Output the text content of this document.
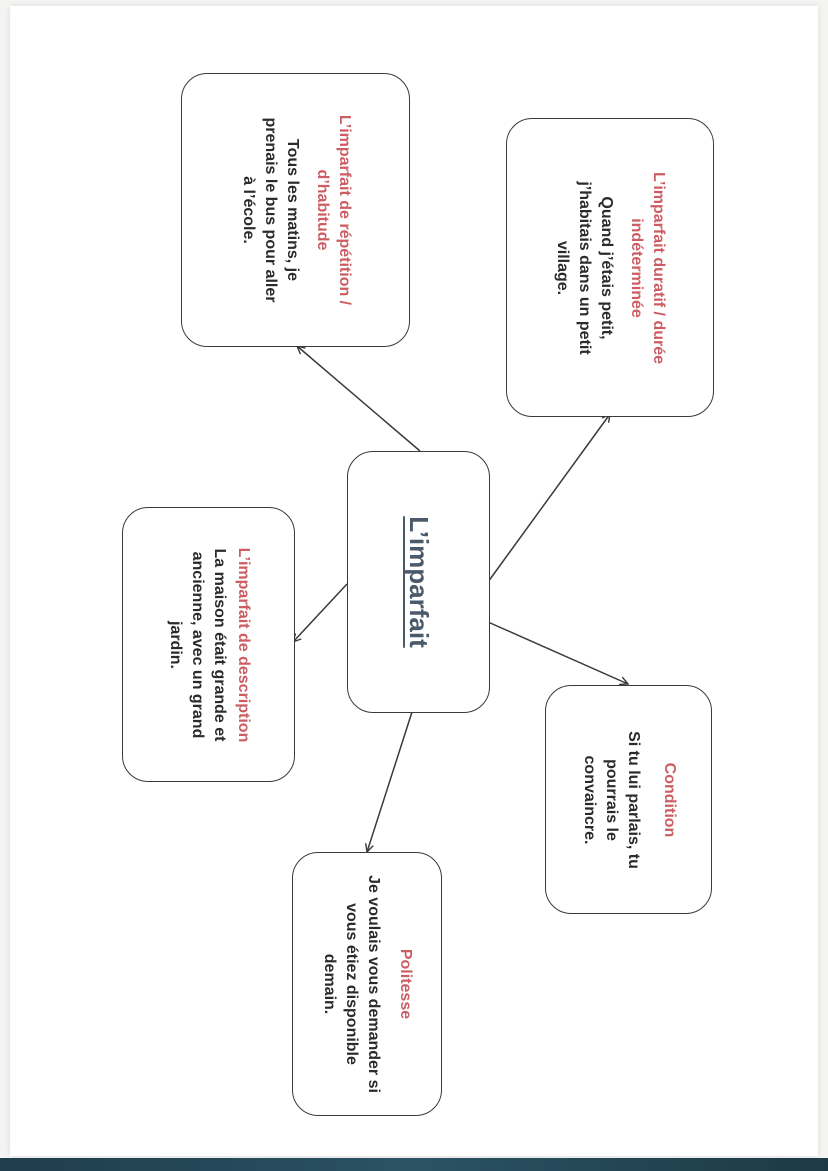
L’imparfait
L’imparfait de répétition / d’habitude
Tous les matins, je prenais le bus pour aller à l’école.	L’imparfait duratif / durée indéterminée
Quand j’étais petit, j’habitais dans un petit village.
L’imparfait de description
La maison était grande et ancienne, avec un grand jardin.
Condition
Si tu lui parlais, tu pourrais le convaincre.
Politesse
Je voulais vous demander si vous étiez disponible demain.
